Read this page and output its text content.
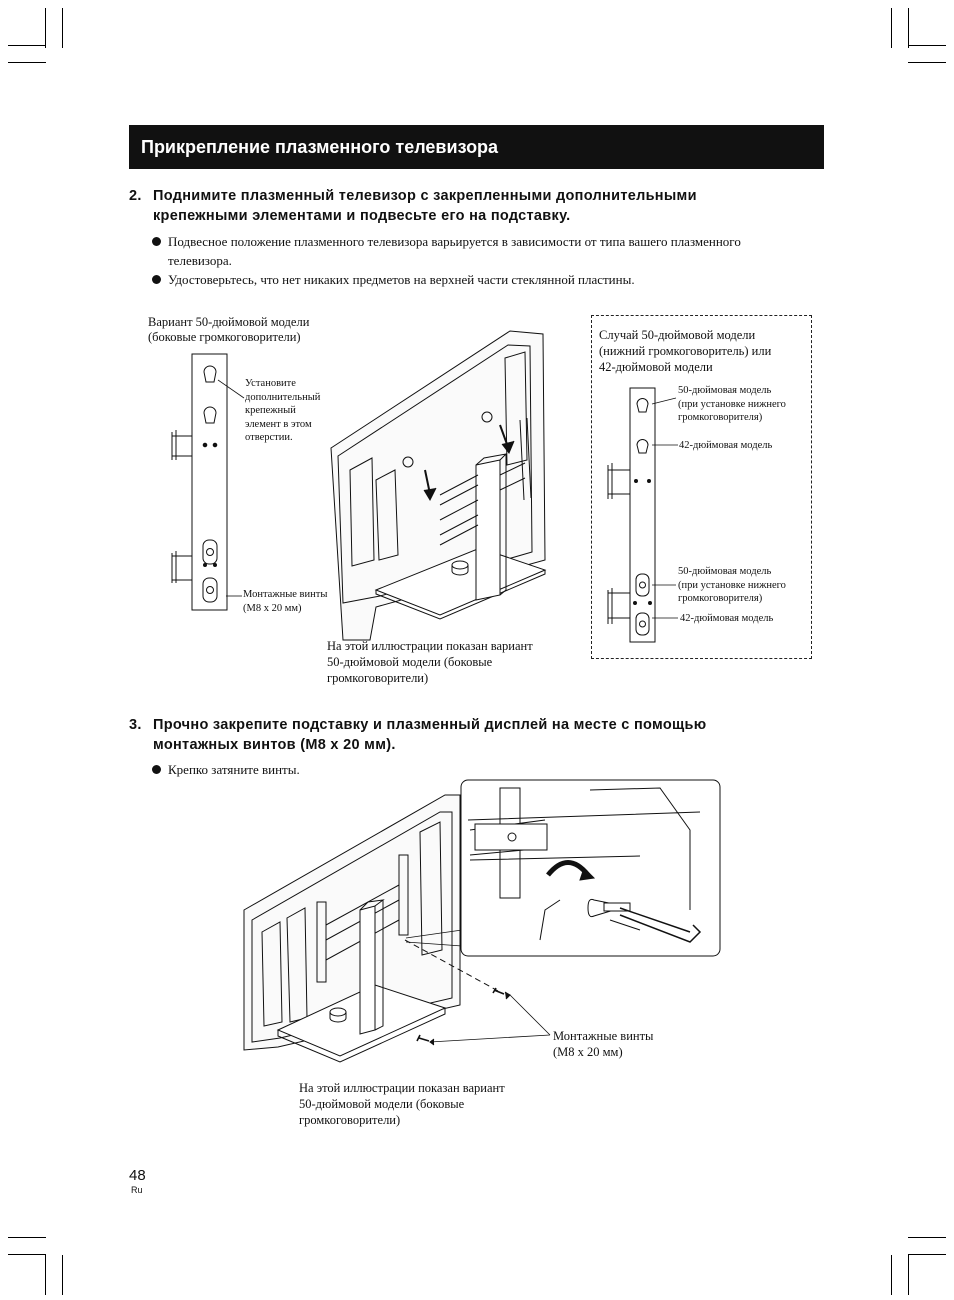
Прикрепление плазменного телевизора
2. Поднимите плазменный телевизор с закрепленными дополнительными
крепежными элементами и подвесьте его на подставку.
Подвесное положение плазменного телевизора варьируется в зависимости от типа вашего плазменного
телевизора.
Удостоверьтесь, что нет никаких предметов на верхней части стеклянной пластины.
Вариант 50-дюймовой модели
(боковые громкоговорители)
Установите
дополнительный
крепежный
элемент в этом
отверстии.
Монтажные винты
(M8 x 20 мм)
На этой иллюстрации показан вариант
50-дюймовой модели (боковые
громкоговорители)
Случай 50-дюймовой модели
(нижний громкоговоритель) или
42-дюймовой модели
50-дюймовая модель
(при установке нижнего
громкоговорителя)
42-дюймовая модель
50-дюймовая модель
(при установке нижнего
громкоговорителя)
42-дюймовая модель
3. Прочно закрепите подставку и плазменный дисплей на месте с помощью
монтажных винтов (M8 x 20 мм).
Крепко затяните винты.
Монтажные винты
(M8 x 20 мм)
На этой иллюстрации показан вариант
50-дюймовой модели (боковые
громкоговорители)
48
Ru
